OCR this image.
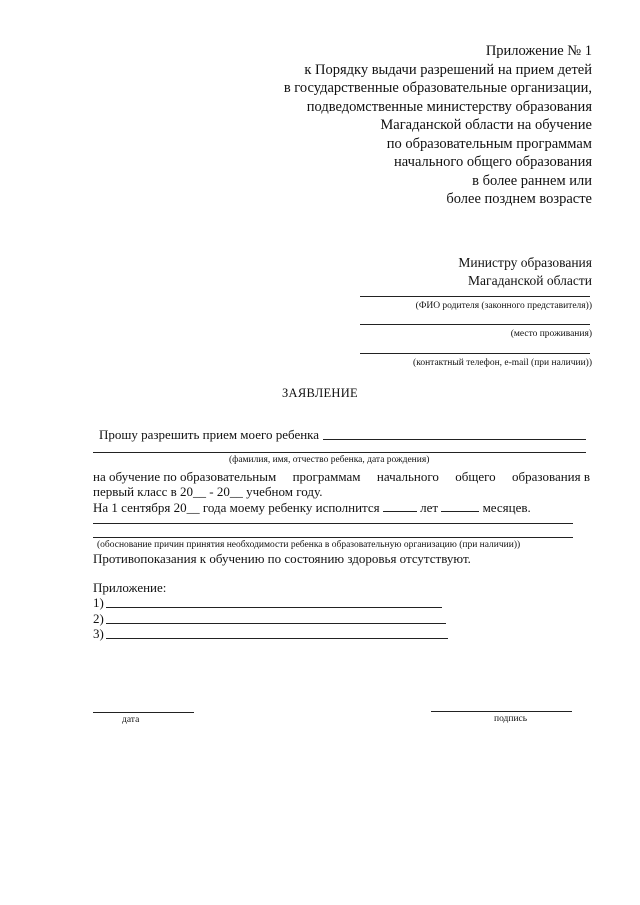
Приложение № 1
к Порядку выдачи разрешений на прием детей
в государственные образовательные организации,
подведомственные министерству образования
Магаданской области на обучение
по образовательным программам
начального общего образования
в более раннем или
более позднем возрасте
Министру образования
Магаданской области
(ФИО родителя (законного представителя))
(место проживания)
(контактный телефон, e-mail (при наличии))
ЗАЯВЛЕНИЕ
Прошу разрешить прием моего ребенка
(фамилия, имя, отчество ребенка, дата рождения)
на обучение по образовательным программам начального общего образования в
первый класс в 20__ - 20__ учебном году.
На 1 сентября 20__ года моему ребенку исполнится	лет	месяцев.
(обоснование причин принятия необходимости ребенка в образовательную организацию (при наличии))
Противопоказания к обучению по состоянию здоровья отсутствуют.
Приложение:
1)
2)
3)
дата	подпись
